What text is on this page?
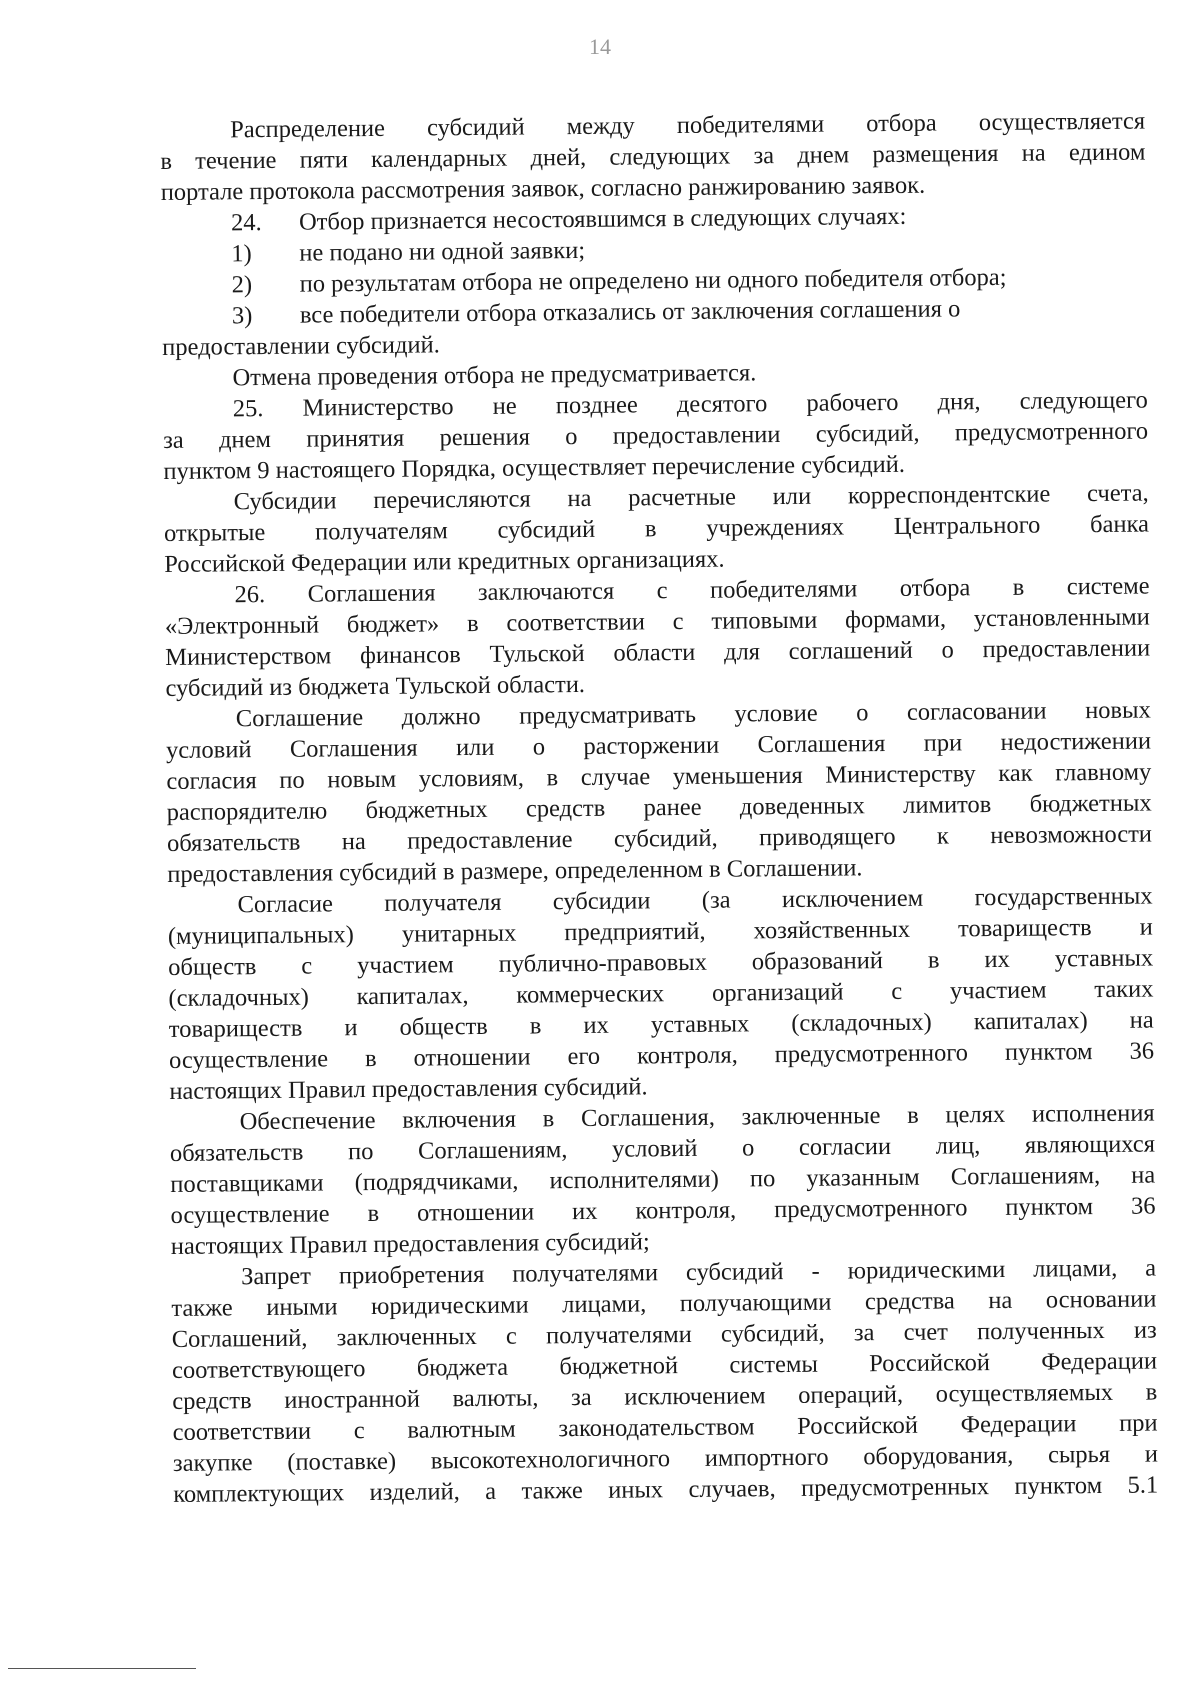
14
Распределение субсидий между победителями отбора осуществляется
в течение пяти календарных дней, следующих за днем размещения на едином
портале протокола рассмотрения заявок, согласно ранжированию заявок.
24. Отбор признается несостоявшимся в следующих случаях:
1) не подано ни одной заявки;
2) по результатам отбора не определено ни одного победителя отбора;
3) все победители отбора отказались от заключения соглашения о
предоставлении субсидий.
Отмена проведения отбора не предусматривается.
25. Министерство не позднее десятого рабочего дня, следующего
за днем принятия решения о предоставлении субсидий, предусмотренного
пунктом 9 настоящего Порядка, осуществляет перечисление субсидий.
Субсидии перечисляются на расчетные или корреспондентские счета,
открытые получателям субсидий в учреждениях Центрального банка
Российской Федерации или кредитных организациях.
26. Соглашения заключаются с победителями отбора в системе
«Электронный бюджет» в соответствии с типовыми формами, установленными
Министерством финансов Тульской области для соглашений о предоставлении
субсидий из бюджета Тульской области.
Соглашение должно предусматривать условие о согласовании новых
условий Соглашения или о расторжении Соглашения при недостижении
согласия по новым условиям, в случае уменьшения Министерству как главному
распорядителю бюджетных средств ранее доведенных лимитов бюджетных
обязательств на предоставление субсидий, приводящего к невозможности
предоставления субсидий в размере, определенном в Соглашении.
Согласие получателя субсидии (за исключением государственных
(муниципальных) унитарных предприятий, хозяйственных товариществ и
обществ с участием публично-правовых образований в их уставных
(складочных) капиталах, коммерческих организаций с участием таких
товариществ и обществ в их уставных (складочных) капиталах) на
осуществление в отношении его контроля, предусмотренного пунктом 36
настоящих Правил предоставления субсидий.
Обеспечение включения в Соглашения, заключенные в целях исполнения
обязательств по Соглашениям, условий о согласии лиц, являющихся
поставщиками (подрядчиками, исполнителями) по указанным Соглашениям, на
осуществление в отношении их контроля, предусмотренного пунктом 36
настоящих Правил предоставления субсидий;
Запрет приобретения получателями субсидий - юридическими лицами, а
также иными юридическими лицами, получающими средства на основании
Соглашений, заключенных с получателями субсидий, за счет полученных из
соответствующего бюджета бюджетной системы Российской Федерации
средств иностранной валюты, за исключением операций, осуществляемых в
соответствии с валютным законодательством Российской Федерации при
закупке (поставке) высокотехнологичного импортного оборудования, сырья и
комплектующих изделий, а также иных случаев, предусмотренных пунктом 5.1
